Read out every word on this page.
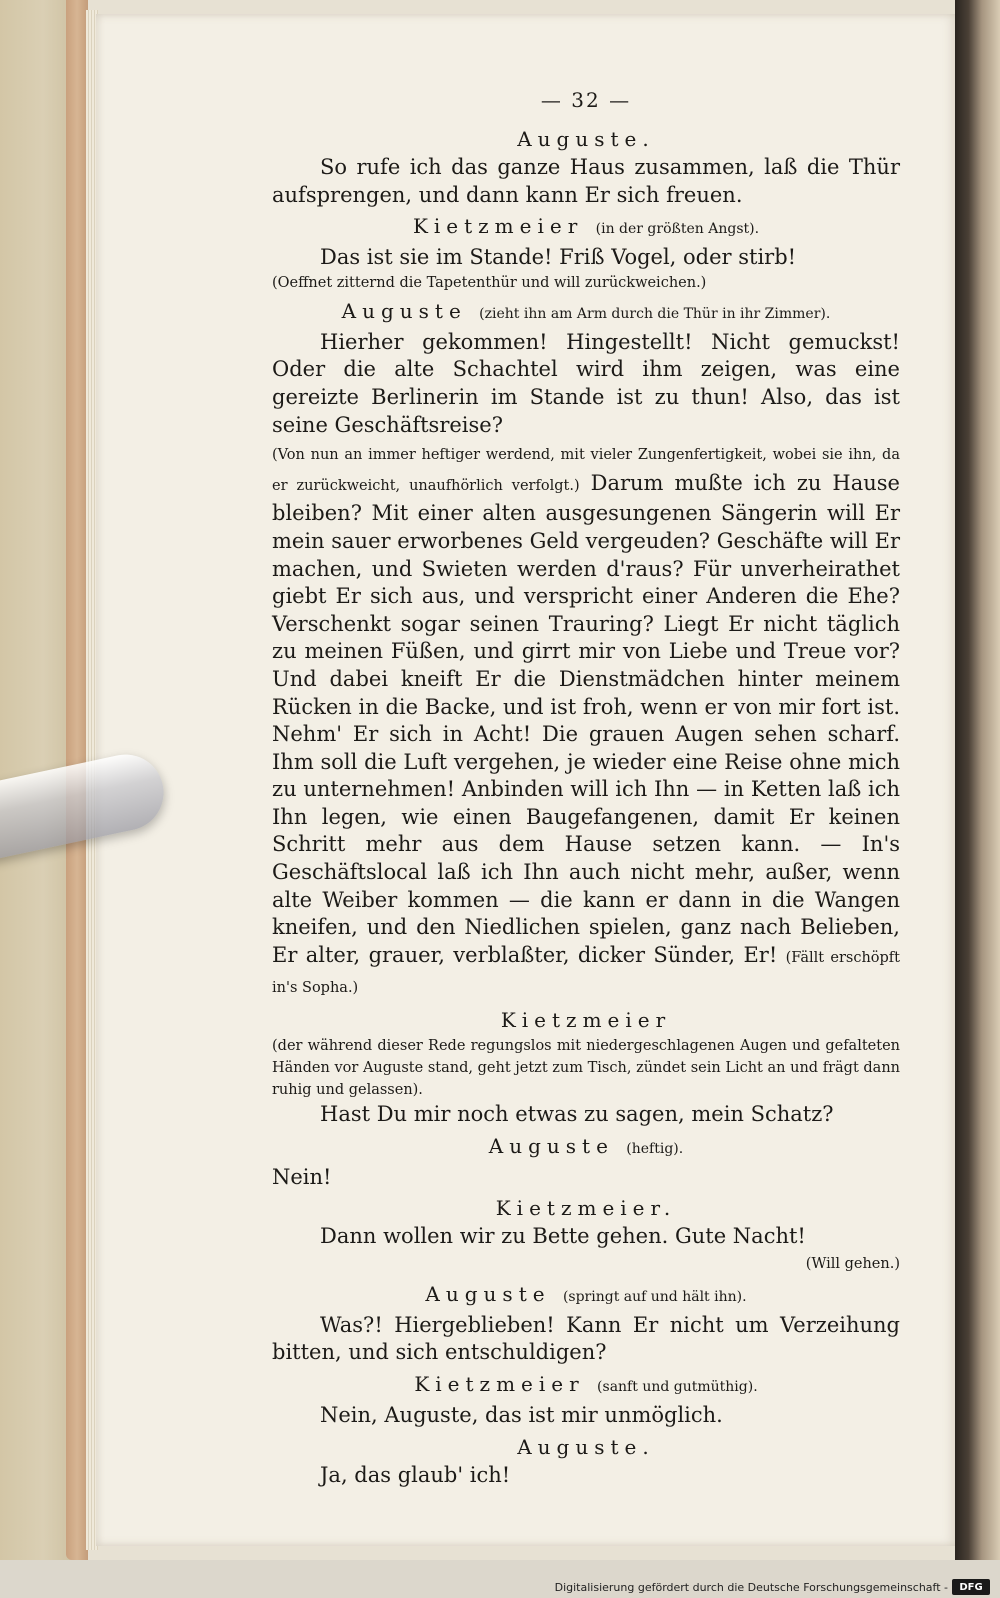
— 32 —

Auguste.

So rufe ich das ganze Haus zusammen, laß die Thür aufsprengen, und dann kann Er sich freuen.

Kietzmeier (in der größten Angst).

Das ist sie im Stande! Friß Vogel, oder stirb!

(Oeffnet zitternd die Tapetenthür und will zurückweichen.)

Auguste (zieht ihn am Arm durch die Thür in ihr Zimmer).

Hierher gekommen! Hingestellt! Nicht gemuckst! Oder die alte Schachtel wird ihm zeigen, was eine gereizte Berlinerin im Stande ist zu thun! Also, das ist seine Geschäftsreise?

(Von nun an immer heftiger werdend, mit vieler Zungenfertigkeit, wobei sie ihn, da er zurückweicht, unaufhörlich verfolgt.) Darum mußte ich zu Hause bleiben? Mit einer alten ausgesungenen Sängerin will Er mein sauer erworbenes Geld vergeuden? Geschäfte will Er machen, und Swieten werden d'raus? Für unverheirathet giebt Er sich aus, und verspricht einer Anderen die Ehe? Verschenkt sogar seinen Trauring? Liegt Er nicht täglich zu meinen Füßen, und girrt mir von Liebe und Treue vor? Und dabei kneift Er die Dienstmädchen hinter meinem Rücken in die Backe, und ist froh, wenn er von mir fort ist. Nehm' Er sich in Acht! Die grauen Augen sehen scharf. Ihm soll die Luft vergehen, je wieder eine Reise ohne mich zu unternehmen! Anbinden will ich Ihn — in Ketten laß ich Ihn legen, wie einen Baugefangenen, damit Er keinen Schritt mehr aus dem Hause setzen kann. — In's Geschäftslocal laß ich Ihn auch nicht mehr, außer, wenn alte Weiber kommen — die kann er dann in die Wangen kneifen, und den Niedlichen spielen, ganz nach Belieben, Er alter, grauer, verblaßter, dicker Sünder, Er! (Fällt erschöpft in's Sopha.)

Kietzmeier

(der während dieser Rede regungslos mit niedergeschlagenen Augen und gefalteten Händen vor Auguste stand, geht jetzt zum Tisch, zündet sein Licht an und frägt dann ruhig und gelassen).

Hast Du mir noch etwas zu sagen, mein Schatz?

Auguste (heftig).

Nein!

Kietzmeier.

Dann wollen wir zu Bette gehen. Gute Nacht!

(Will gehen.)

Auguste (springt auf und hält ihn).

Was?! Hiergeblieben! Kann Er nicht um Verzeihung bitten, und sich entschuldigen?

Kietzmeier (sanft und gutmüthig).

Nein, Auguste, das ist mir unmöglich.

Auguste.

Ja, das glaub' ich!

Digitalisierung gefördert durch die Deutsche Forschungsgemeinschaft -	DFG
